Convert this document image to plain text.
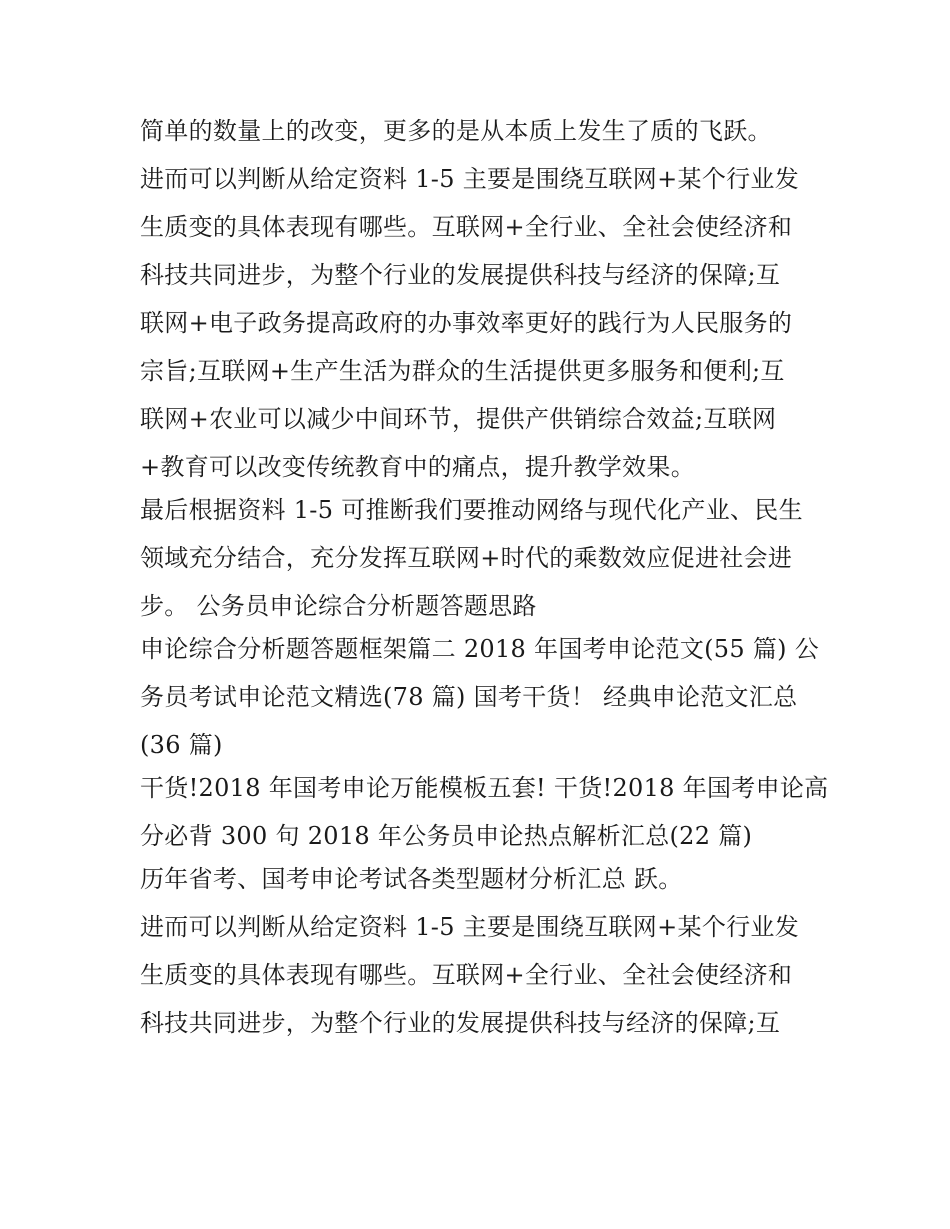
简单的数量上的改变，更多的是从本质上发生了质的飞跃。
进而可以判断从给定资料 1-5 主要是围绕互联网+某个行业发
生质变的具体表现有哪些。互联网+全行业、全社会使经济和
科技共同进步，为整个行业的发展提供科技与经济的保障;互
联网+电子政务提高政府的办事效率更好的践行为人民服务的
宗旨;互联网+生产生活为群众的生活提供更多服务和便利;互
联网+农业可以减少中间环节，提供产供销综合效益;互联网
+教育可以改变传统教育中的痛点，提升教学效果。
最后根据资料 1-5 可推断我们要推动网络与现代化产业、民生
领域充分结合，充分发挥互联网+时代的乘数效应促进社会进
步。 公务员申论综合分析题答题思路
申论综合分析题答题框架篇二 2018 年国考申论范文(55 篇) 公
务员考试申论范文精选(78 篇) 国考干货！ 经典申论范文汇总
(36 篇)
干货!2018 年国考申论万能模板五套! 干货!2018 年国考申论高
分必背 300 句 2018 年公务员申论热点解析汇总(22 篇)
历年省考、国考申论考试各类型题材分析汇总 跃。
进而可以判断从给定资料 1-5 主要是围绕互联网+某个行业发
生质变的具体表现有哪些。互联网+全行业、全社会使经济和
科技共同进步，为整个行业的发展提供科技与经济的保障;互
